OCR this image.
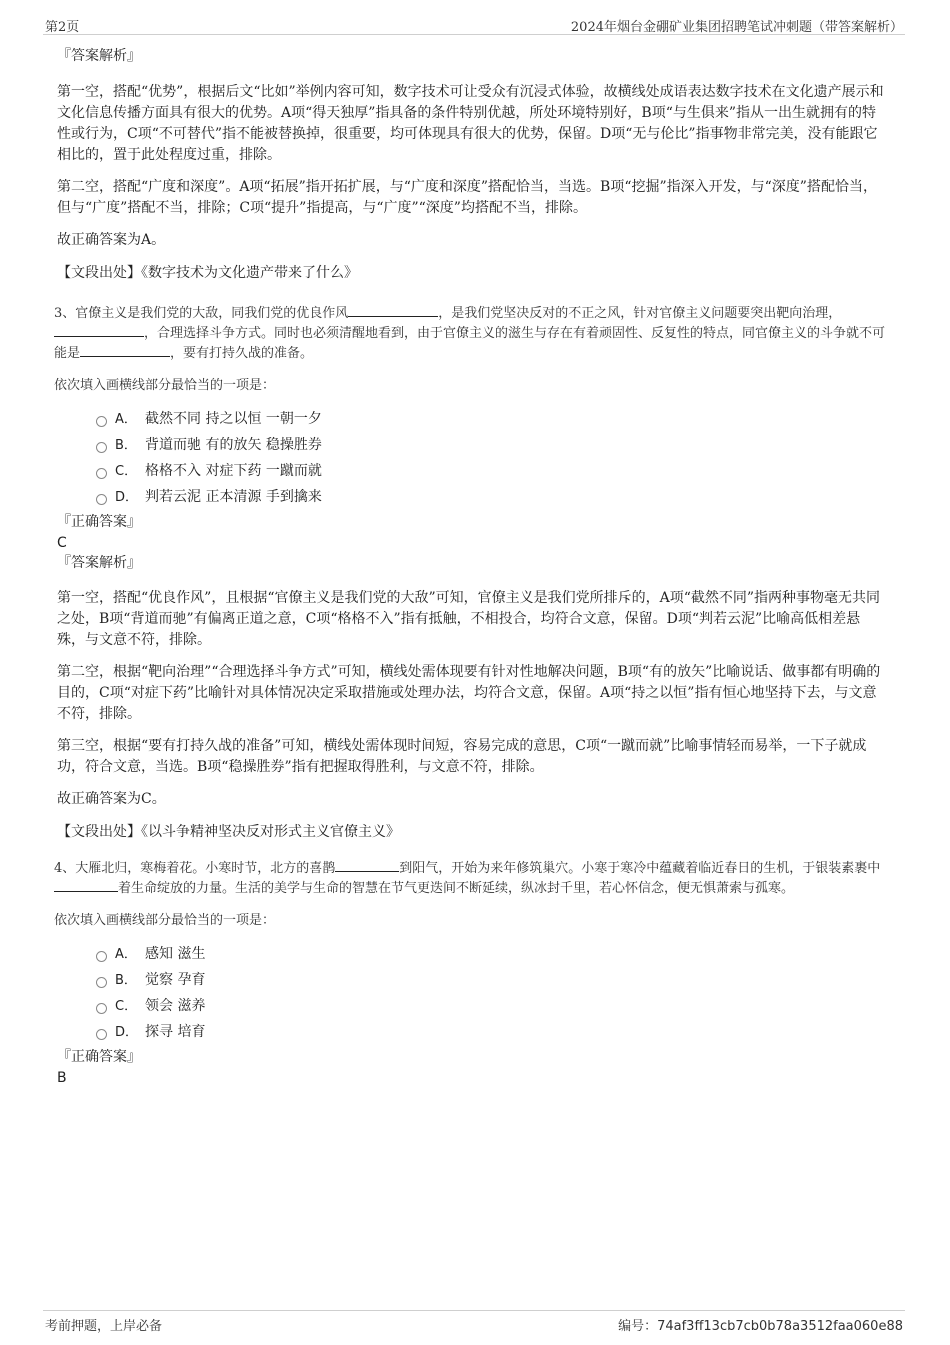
第2页	2024年烟台金硼矿业集团招聘笔试冲刺题（带答案解析）

『答案解析』

第一空，搭配“优势”，根据后文“比如”举例内容可知，数字技术可让受众有沉浸式体验，故横线处成语表达数字技术在文化遗产展示和文化信息传播方面具有很大的优势。A项“得天独厚”指具备的条件特别优越，所处环境特别好，B项“与生俱来”指从一出生就拥有的特性或行为，C项“不可替代”指不能被替换掉，很重要，均可体现具有很大的优势，保留。D项“无与伦比”指事物非常完美，没有能跟它相比的，置于此处程度过重，排除。

第二空，搭配“广度和深度”。A项“拓展”指开拓扩展，与“广度和深度”搭配恰当，当选。B项“挖掘”指深入开发，与“深度”搭配恰当，但与“广度”搭配不当，排除；C项“提升”指提高，与“广度”“深度”均搭配不当，排除。

故正确答案为A。

【文段出处】《数字技术为文化遗产带来了什么》

3、官僚主义是我们党的大敌，同我们党的优良作风	，是我们党坚决反对的不正之风，针对官僚主义问题要突出靶向治理，，合理选择斗争方式。同时也必须清醒地看到，由于官僚主义的滋生与存在有着顽固性、反复性的特点，同官僚主义的斗争就不可能是	，要有打持久战的准备。

依次填入画横线部分最恰当的一项是：

A． 截然不同 持之以恒 一朝一夕
B． 背道而驰 有的放矢 稳操胜券
C． 格格不入 对症下药 一蹴而就
D． 判若云泥 正本清源 手到擒来

『正确答案』

C

『答案解析』

第一空，搭配“优良作风”，且根据“官僚主义是我们党的大敌”可知，官僚主义是我们党所排斥的，A项“截然不同”指两种事物毫无共同之处，B项“背道而驰”有偏离正道之意，C项“格格不入”指有抵触，不相投合，均符合文意，保留。D项“判若云泥”比喻高低相差悬殊，与文意不符，排除。

第二空，根据“靶向治理”“合理选择斗争方式”可知，横线处需体现要有针对性地解决问题，B项“有的放矢”比喻说话、做事都有明确的目的，C项“对症下药”比喻针对具体情况决定采取措施或处理办法，均符合文意，保留。A项“持之以恒”指有恒心地坚持下去，与文意不符，排除。

第三空，根据“要有打持久战的准备”可知，横线处需体现时间短，容易完成的意思，C项“一蹴而就”比喻事情轻而易举，一下子就成功，符合文意，当选。B项“稳操胜券”指有把握取得胜利，与文意不符，排除。

故正确答案为C。

【文段出处】《以斗争精神坚决反对形式主义官僚主义》

4、大雁北归，寒梅着花。小寒时节，北方的喜鹊	到阳气，开始为来年修筑巢穴。小寒于寒冷中蕴藏着临近春日的生机，于银装素裹中着生命绽放的力量。生活的美学与生命的智慧在节气更迭间不断延续，纵冰封千里，若心怀信念，便无惧萧索与孤寒。

依次填入画横线部分最恰当的一项是：

A． 感知 滋生
B． 觉察 孕育
C． 领会 滋养
D． 探寻 培育

『正确答案』

B

考前押题，上岸必备	编号：74af3ff13cb7cb0b78a3512faa060e88
